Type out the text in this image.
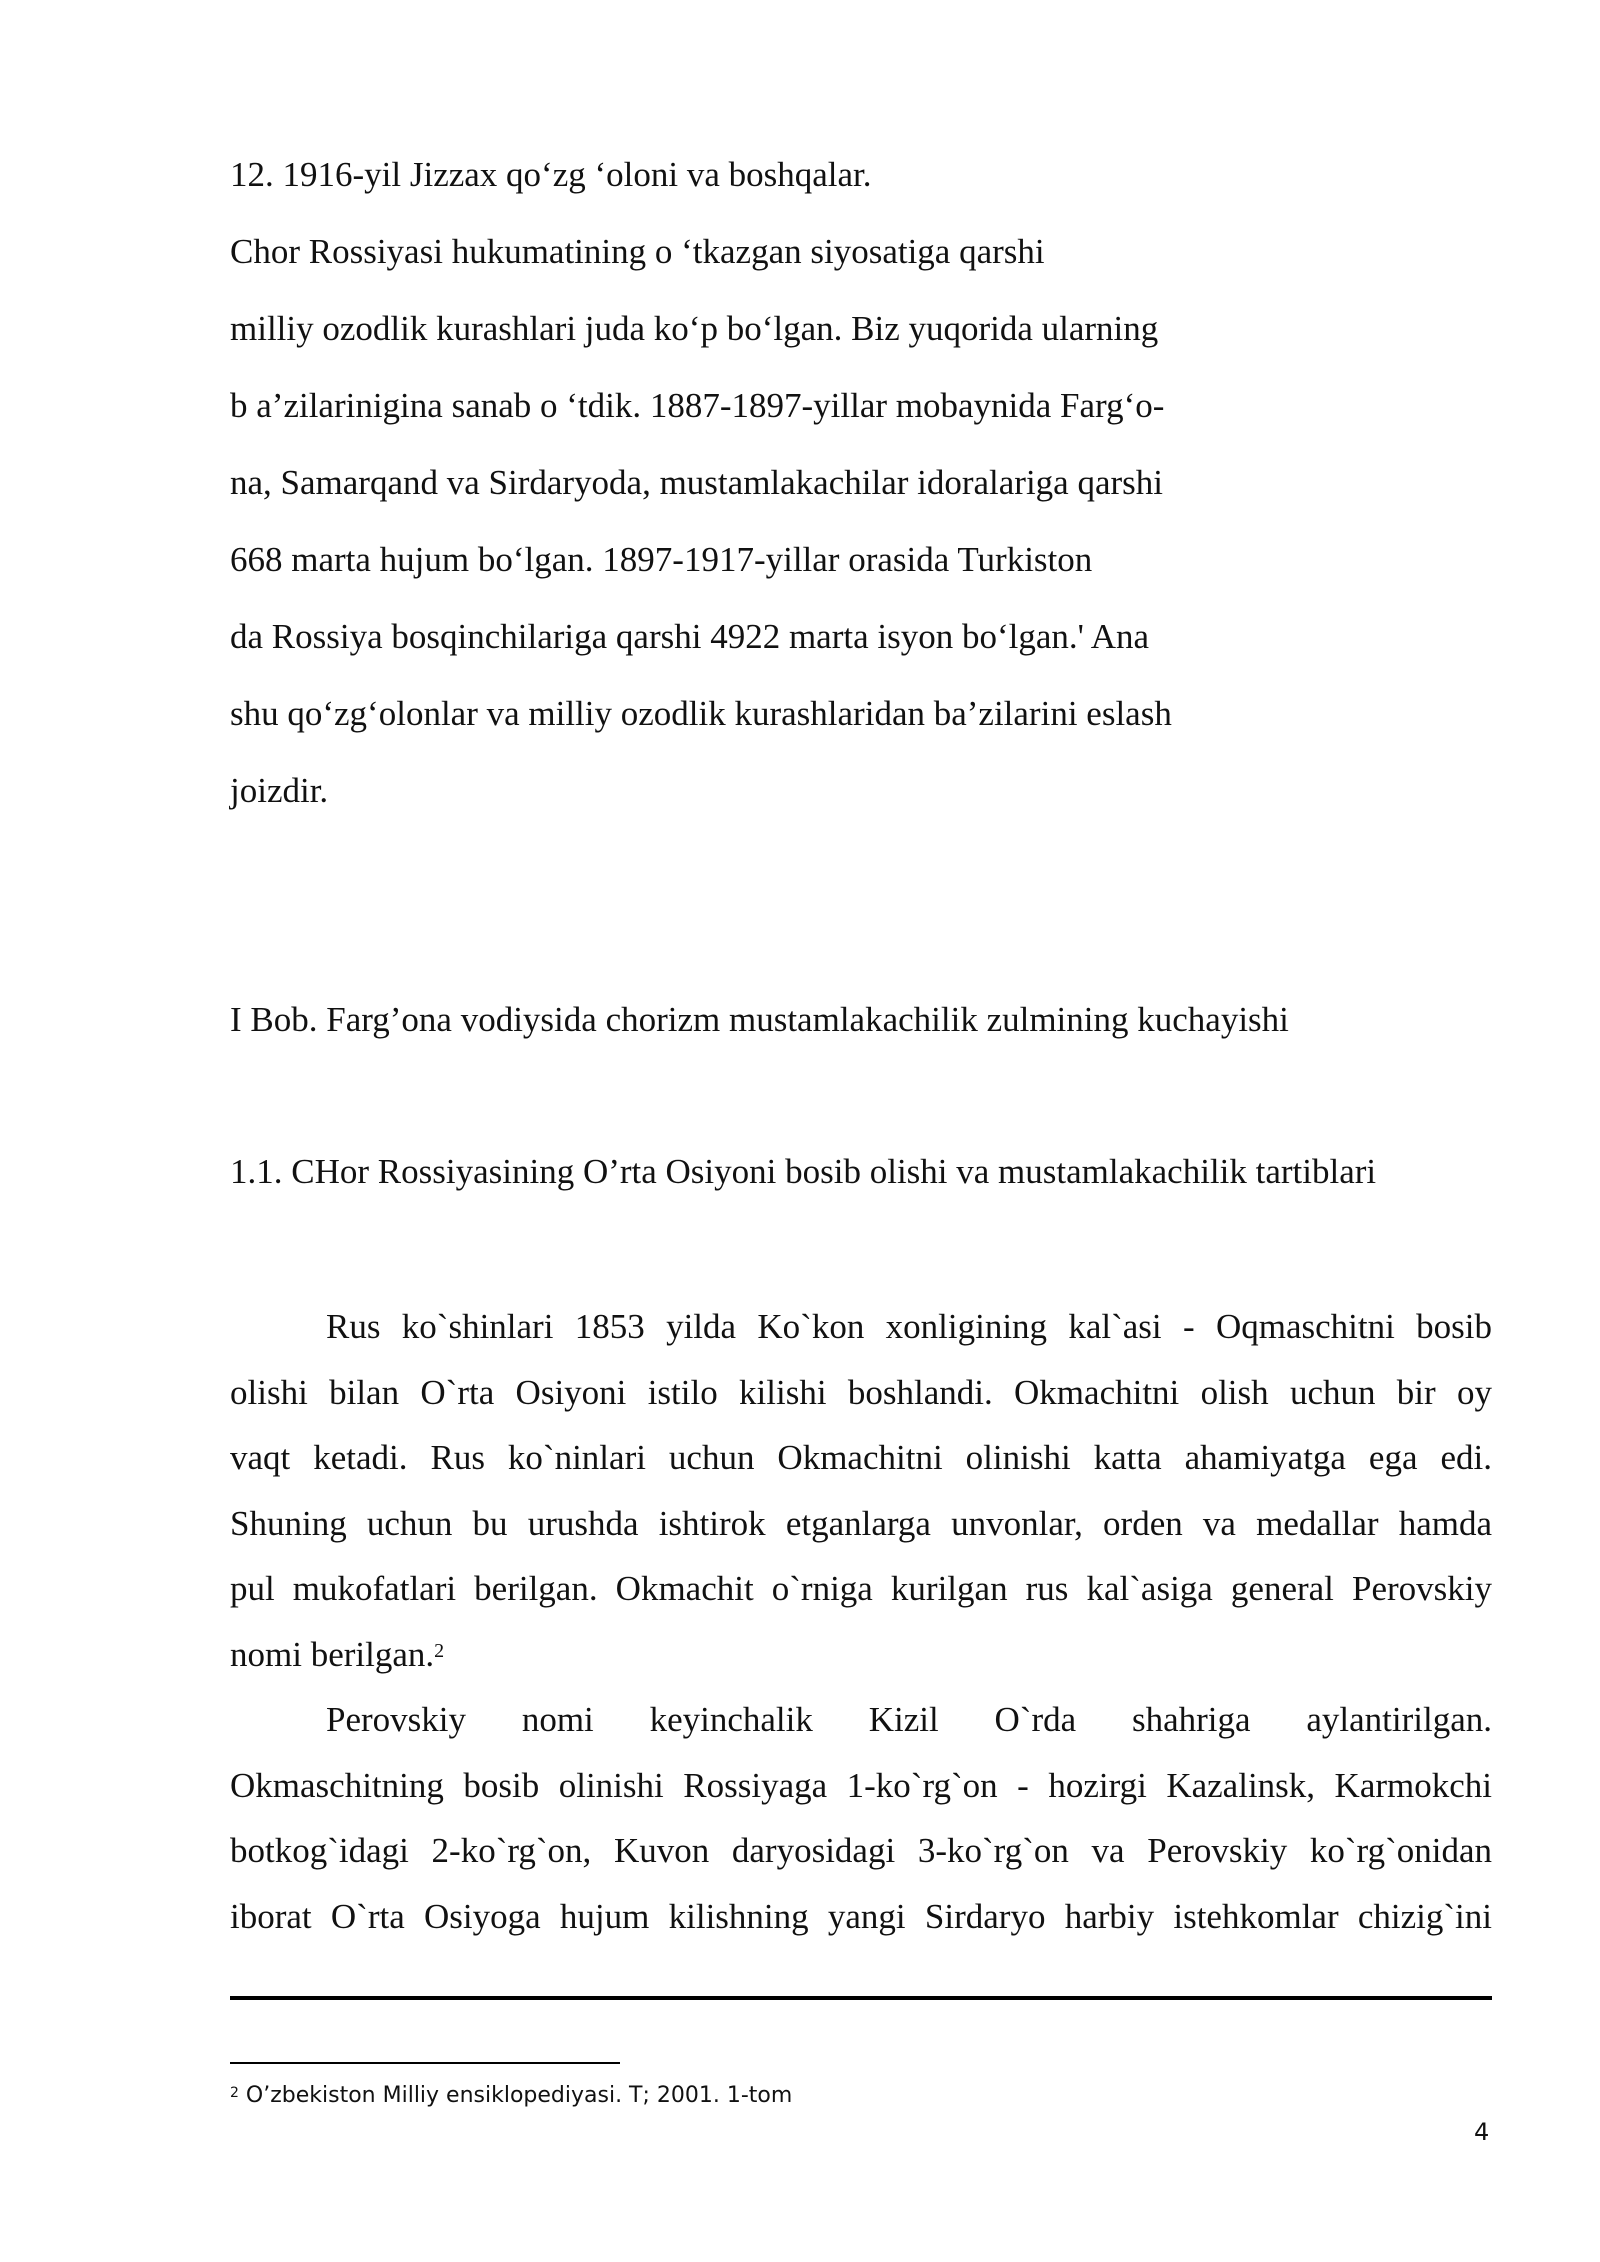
12. 1916-yil Jizzax qo‘zg ‘oloni va boshqalar.

Chor Rossiyasi hukumatining o ‘tkazgan siyosatiga qarshi

milliy ozodlik kurashlari juda ko‘p bo‘lgan. Biz yuqorida ularning

b a’zilarinigina sanab o ‘tdik. 1887-1897-yillar mobaynida Farg‘o-

na, Samarqand va Sirdaryoda, mustamlakachilar idoralariga qarshi

668 marta hujum bo‘lgan. 1897-1917-yillar orasida Turkiston

da Rossiya bosqinchilariga qarshi 4922 marta isyon bo‘lgan.' Ana

shu qo‘zg‘olonlar va milliy ozodlik kurashlaridan ba’zilarini eslash

joizdir.

I Bob. Farg’ona vodiysida chorizm mustamlakachilik zulmining kuchayishi

1.1. CHor Rossiyasining O’rta Osiyoni bosib olishi va mustamlakachilik tartiblari

Rus ko`shinlari 1853 yilda Ko`kon xonligining kal`asi - Oqmaschitni bosib

olishi bilan O`rta Osiyoni istilo kilishi boshlandi. Okmachitni olish uchun bir oy

vaqt ketadi. Rus ko`ninlari uchun Okmachitni olinishi katta ahamiyatga ega edi.

Shuning uchun bu urushda ishtirok etganlarga unvonlar, orden va medallar hamda

pul mukofatlari berilgan. Okmachit o`rniga kurilgan rus kal`asiga general Perovskiy

nomi berilgan.$^2$

Perovskiy nomi keyinchalik Kizil O`rda shahriga aylantirilgan.

Okmaschitning bosib olinishi Rossiyaga 1-ko`rg`on - hozirgi Kazalinsk, Karmokchi

botkog`idagi 2-ko`rg`on, Kuvon daryosidagi 3-ko`rg`on va Perovskiy ko`rg`onidan

iborat O`rta Osiyoga hujum kilishning yangi Sirdaryo harbiy istehkomlar chizig`ini

$^2$ O’zbekiston Milliy ensiklopediyasi. T; 2001. 1-tom

4
